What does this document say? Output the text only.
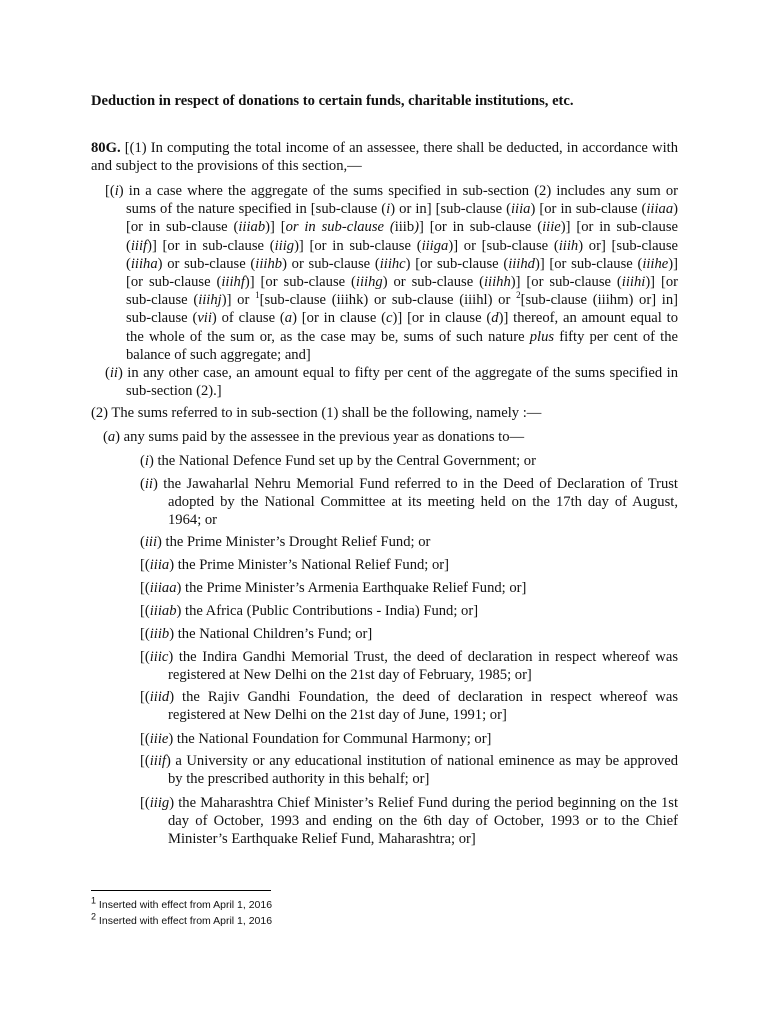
Deduction in respect of donations to certain funds, charitable institutions, etc.
80G. [(1) In computing the total income of an assessee, there shall be deducted, in accordance with and subject to the provisions of this section,—
[(i) in a case where the aggregate of the sums specified in sub-section (2) includes any sum or sums of the nature specified in [sub-clause (i) or in] [sub-clause (iiia) [or in sub-clause (iiiaa) [or in sub-clause (iiiab)] [or in sub-clause (iiib)] [or in sub-clause (iiie)] [or in sub-clause (iiif)] [or in sub-clause (iiig)] [or in sub-clause (iiiga)] or [sub-clause (iiih) or] [sub-clause (iiiha) or sub-clause (iiihb) or sub-clause (iiihc) [or sub-clause (iiihd)] [or sub-clause (iiihe)] [or sub-clause (iiihf)] [or sub-clause (iiihg) or sub-clause (iiihh)] [or sub-clause (iiihi)] [or sub-clause (iiihj)] or $^1$[sub-clause (iiihk) or sub-clause (iiihl) or $^2$[sub-clause (iiihm) or] in] sub-clause (vii) of clause (a) [or in clause (c)] [or in clause (d)] thereof, an amount equal to the whole of the sum or, as the case may be, sums of such nature plus fifty per cent of the balance of such aggregate; and]
(ii) in any other case, an amount equal to fifty per cent of the aggregate of the sums specified in sub-section (2).]
(2) The sums referred to in sub-section (1) shall be the following, namely :—
(a) any sums paid by the assessee in the previous year as donations to—
(i) the National Defence Fund set up by the Central Government; or
(ii) the Jawaharlal Nehru Memorial Fund referred to in the Deed of Declaration of Trust adopted by the National Committee at its meeting held on the 17th day of August, 1964; or
(iii) the Prime Minister’s Drought Relief Fund; or
[(iiia) the Prime Minister’s National Relief Fund; or]
[(iiiaa) the Prime Minister’s Armenia Earthquake Relief Fund; or]
[(iiiab) the Africa (Public Contributions - India) Fund; or]
[(iiib) the National Children’s Fund; or]
[(iiic) the Indira Gandhi Memorial Trust, the deed of declaration in respect whereof was registered at New Delhi on the 21st day of February, 1985; or]
[(iiid) the Rajiv Gandhi Foundation, the deed of declaration in respect whereof was registered at New Delhi on the 21st day of June, 1991; or]
[(iiie) the National Foundation for Communal Harmony; or]
[(iiif) a University or any educational institution of national eminence as may be approved by the prescribed authority in this behalf; or]
[(iiig) the Maharashtra Chief Minister’s Relief Fund during the period beginning on the 1st day of October, 1993 and ending on the 6th day of October, 1993 or to the Chief Minister’s Earthquake Relief Fund, Maharashtra; or]
$^1$ Inserted with effect from April 1, 2016
$^2$ Inserted with effect from April 1, 2016
